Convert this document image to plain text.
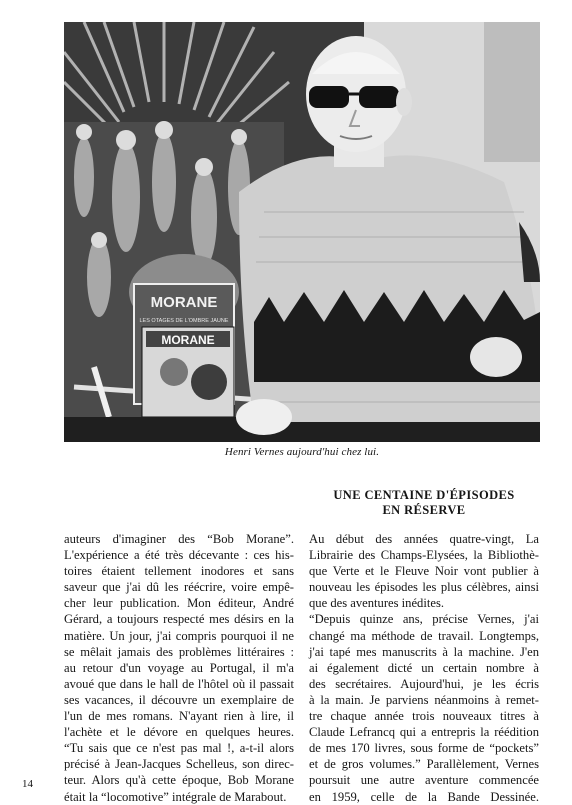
MORANE
LES OTAGES DE L'OMBRE JAUNE
MORANE
Henri Vernes aujourd'hui chez lui.
UNE CENTAINE D'ÉPISODES
EN RÉSERVE
auteurs d'imaginer des “Bob Morane”.
L'expérience a été très décevante : ces his-
toires étaient tellement inodores et sans
saveur que j'ai dû les réécrire, voire empê-
cher leur publication. Mon éditeur, André
Gérard, a toujours respecté mes désirs en la
matière. Un jour, j'ai compris pourquoi il ne
se mêlait jamais des problèmes littéraires :
au retour d'un voyage au Portugal, il m'a
avoué que dans le hall de l'hôtel où il passait
ses vacances, il découvre un exemplaire de
l'un de mes romans. N'ayant rien à lire, il
l'achète et le dévore en quelques heures.
“Tu sais que ce n'est pas mal !, a-t-il alors
précisé à Jean-Jacques Schelleus, son direc-
teur. Alors qu'à cette époque, Bob Morane
était la “locomotive” intégrale de Marabout.
Au début des années quatre-vingt, La
Librairie des Champs-Elysées, la Bibliothè-
que Verte et le Fleuve Noir vont publier à
nouveau les épisodes les plus célèbres, ainsi
que des aventures inédites.
“Depuis quinze ans, précise Vernes, j'ai
changé ma méthode de travail. Longtemps,
j'ai tapé mes manuscrits à la machine. J'en
ai également dicté un certain nombre à
des secrétaires. Aujourd'hui, je les écris
à la main. Je parviens néanmoins à remet-
tre chaque année trois nouveaux titres à
Claude Lefrancq qui a entrepris la réédition
de mes 170 livres, sous forme de “pockets”
et de gros volumes.” Parallèlement, Vernes
poursuit une autre aventure commencée
en 1959, celle de la Bande Dessinée.
14
